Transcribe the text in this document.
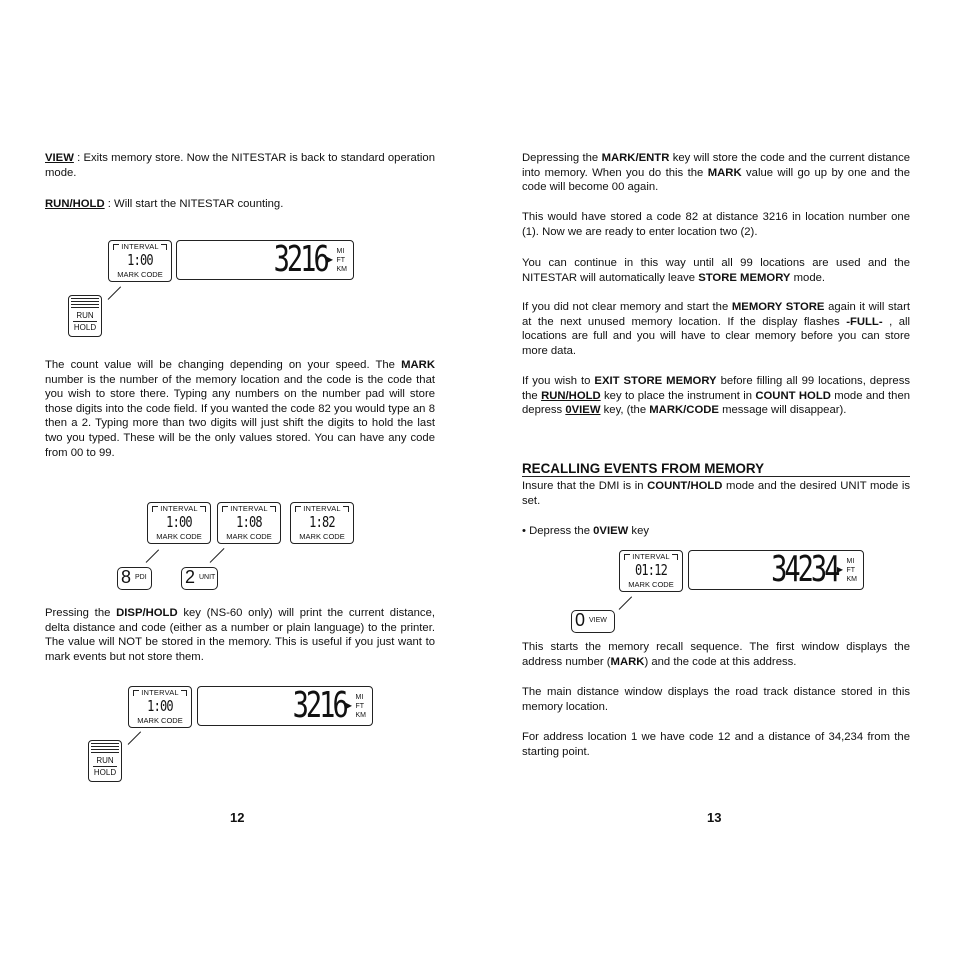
VIEW : Exits memory store. Now the NITESTAR is back to standard operation mode.

RUN/HOLD : Will start the NITESTAR counting.

INTERVAL
1:00
MARK CODE	3216 ▶
MI
FT
KM
RUN
HOLD

The count value will be changing depending on your speed. The MARK number is the number of the memory location and the code is the code that you wish to store there. Typing any numbers on the number pad will store those digits into the code field. If you wanted the code 82 you would type an 8 then a 2. Typing more than two digits will just shift the digits to hold the last two you typed. These will be the only values stored. You can have any code from 00 to 99.

INTERVAL
1:00
MARK CODE
INTERVAL
1:08
MARK CODE
INTERVAL
1:82
MARK CODE
8 PDI 2 UNIT

Pressing the DISP/HOLD key (NS-60 only) will print the current distance, delta distance and code (either as a number or plain language) to the printer. The value will NOT be stored in the memory. This is useful if you just want to mark events but not store them.

INTERVAL
1:00
MARK CODE	3216 ▶
MI
FT
KM
RUN
HOLD
12

Depressing the MARK/ENTR key will store the code and the current distance into memory. When you do this the MARK value will go up by one and the code will become 00 again.

This would have stored a code 82 at distance 3216 in location number one (1). Now we are ready to enter location two (2).

You can continue in this way until all 99 locations are used and the NITESTAR will automatically leave STORE MEMORY mode.

If you did not clear memory and start the MEMORY STORE again it will start at the next unused memory location. If the display flashes -FULL- , all locations are full and you will have to clear memory before you can store more data.

If you wish to EXIT STORE MEMORY before filling all 99 locations, depress the RUN/HOLD key to place the instrument in COUNT HOLD mode and then depress 0VIEW key, (the MARK/CODE message will disappear).

RECALLING EVENTS FROM MEMORY

Insure that the DMI is in COUNT/HOLD mode and the desired UNIT mode is set.

• Depress the 0VIEW key

INTERVAL
01:12
MARK CODE	34234 ▶
MI
FT
KM
0 VIEW

This starts the memory recall sequence. The first window displays the address number (MARK) and the code at this address.

The main distance window displays the road track distance stored in this memory location.

For address location 1 we have code 12 and a distance of 34,234 from the starting point.

13
